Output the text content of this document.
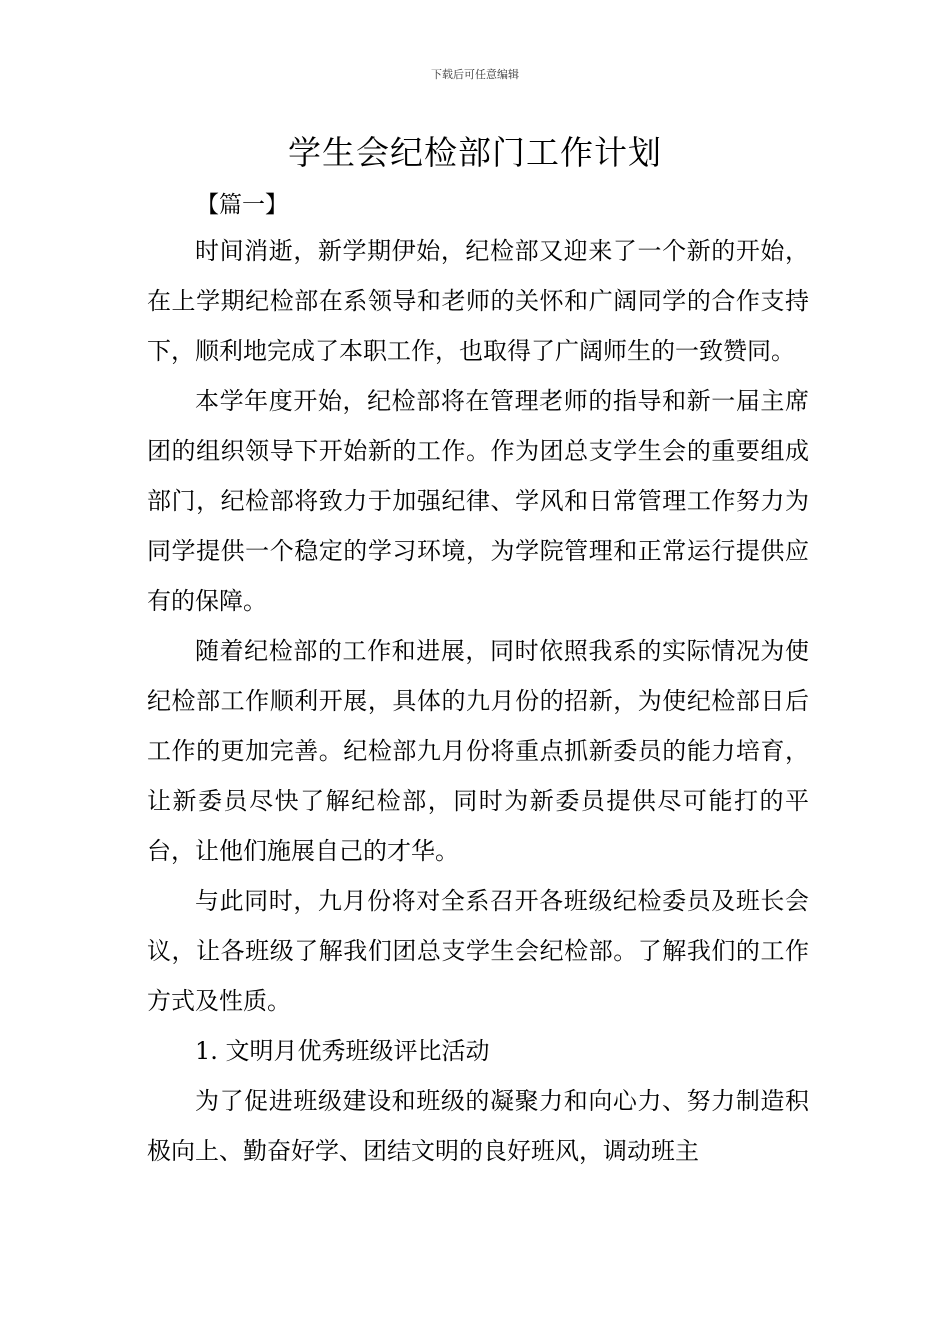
下载后可任意编辑
学生会纪检部门工作计划
【篇一】

时间消逝，新学期伊始，纪检部又迎来了一个新的开始，在上学期纪检部在系领导和老师的关怀和广阔同学的合作支持下，顺利地完成了本职工作，也取得了广阔师生的一致赞同。

本学年度开始，纪检部将在管理老师的指导和新一届主席团的组织领导下开始新的工作。作为团总支学生会的重要组成部门，纪检部将致力于加强纪律、学风和日常管理工作努力为同学提供一个稳定的学习环境，为学院管理和正常运行提供应有的保障。

随着纪检部的工作和进展，同时依照我系的实际情况为使纪检部工作顺利开展，具体的九月份的招新，为使纪检部日后工作的更加完善。纪检部九月份将重点抓新委员的能力培育，让新委员尽快了解纪检部，同时为新委员提供尽可能打的平台，让他们施展自己的才华。

与此同时，九月份将对全系召开各班级纪检委员及班长会议，让各班级了解我们团总支学生会纪检部。了解我们的工作方式及性质。

1. 文明月优秀班级评比活动

为了促进班级建设和班级的凝聚力和向心力、努力制造积极向上、勤奋好学、团结文明的良好班风，调动班主
